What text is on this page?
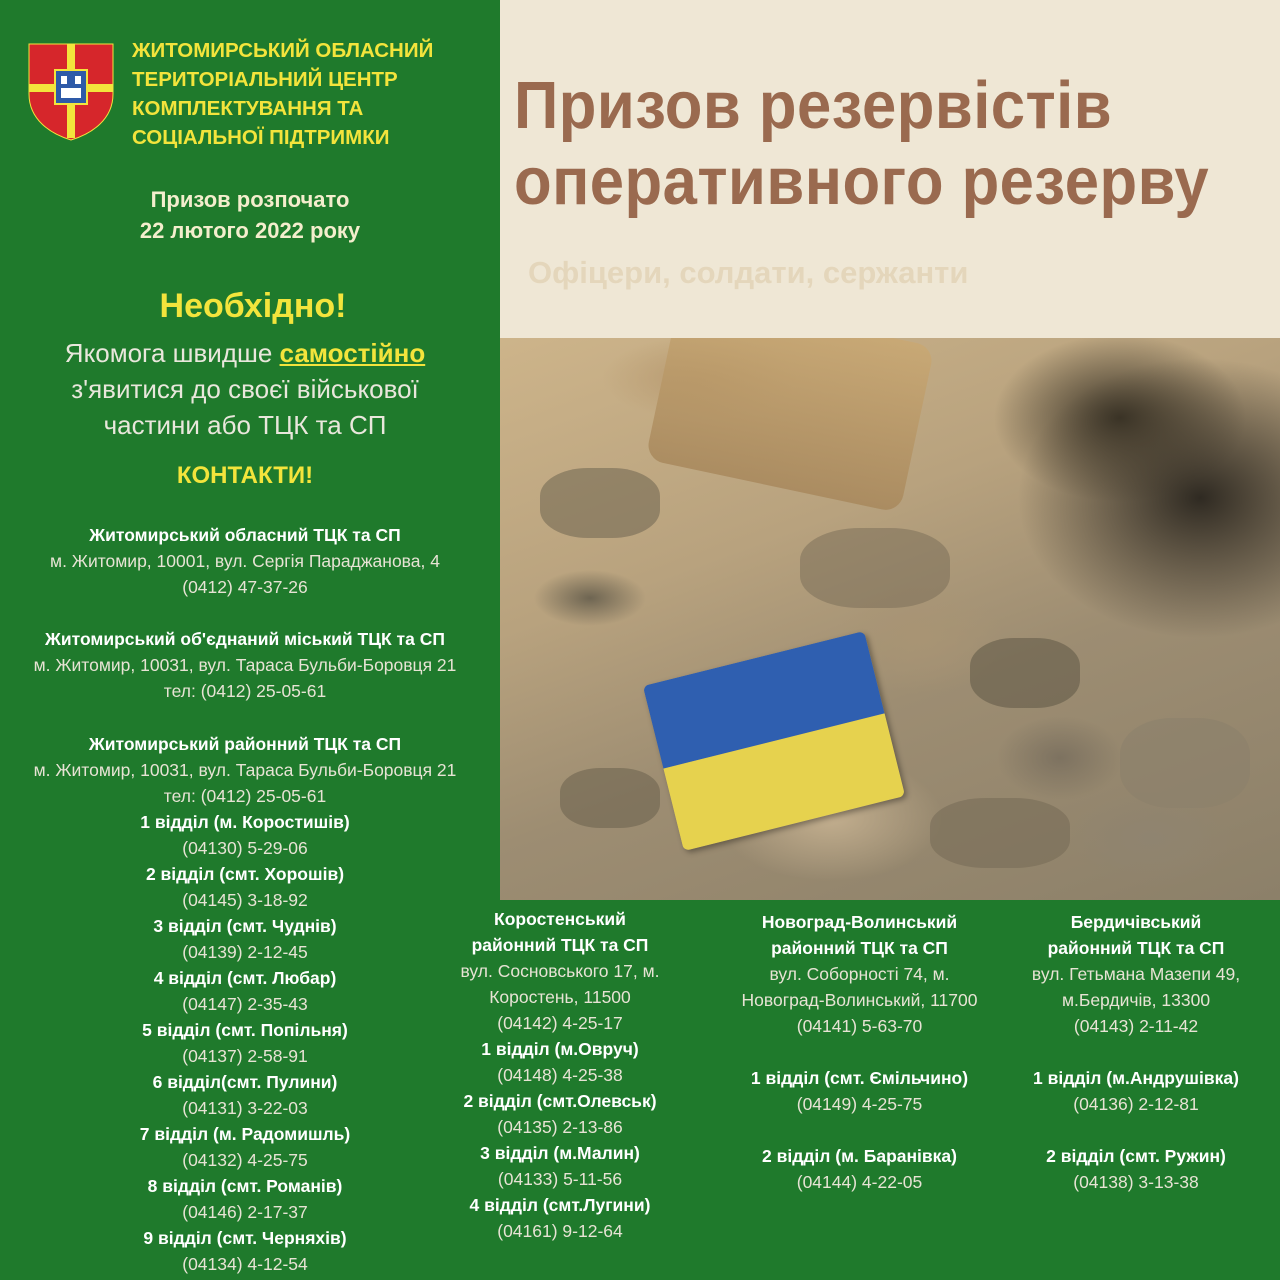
Призов резервістів
оперативного резерву
Офіцери, солдати, сержанти
ЖИТОМИРСЬКИЙ ОБЛАСНИЙ
ТЕРИТОРІАЛЬНИЙ ЦЕНТР
КОМПЛЕКТУВАННЯ ТА
СОЦІАЛЬНОЇ ПІДТРИМКИ
Призов розпочато
22 лютого 2022 року
Необхідно!
Якомога швидше самостійно
з'явитися до своєї військової
частини або ТЦК та СП
КОНТАКТИ!
Житомирський обласний ТЦК та СП
м. Житомир, 10001, вул. Сергія Параджанова, 4
(0412) 47-37-26
Житомирський об'єднаний міський ТЦК та СП
м. Житомир, 10031, вул. Тараса Бульби-Боровця 21
тел: (0412) 25-05-61
Житомирський районний ТЦК та СП
м. Житомир, 10031, вул. Тараса Бульби-Боровця 21
тел: (0412) 25-05-61
1 відділ (м. Коростишів)
(04130) 5-29-06
2 відділ (смт. Хорошів)
(04145) 3-18-92
3 відділ (смт. Чуднів)
(04139) 2-12-45
4 відділ (смт. Любар)
(04147) 2-35-43
5 відділ (смт. Попільня)
(04137) 2-58-91
6 відділ(смт. Пулини)
(04131) 3-22-03
7 відділ (м. Радомишль)
(04132) 4-25-75
8 відділ (смт. Романів)
(04146) 2-17-37
9 відділ (смт. Черняхів)
(04134) 4-12-54
Коростенський
районний ТЦК та СП
вул. Сосновського 17, м.
Коростень, 11500
(04142) 4-25-17
1 відділ (м.Овруч)
(04148) 4-25-38
2 відділ (смт.Олевськ)
(04135) 2-13-86
3 відділ (м.Малин)
(04133) 5-11-56
4 відділ (смт.Лугини)
(04161) 9-12-64
Новоград-Волинський
районний ТЦК та СП
вул. Соборності 74, м.
Новоград-Волинський, 11700
(04141) 5-63-70
1 відділ (смт. Ємільчино)
(04149) 4-25-75
2 відділ (м. Баранівка)
(04144) 4-22-05
Бердичівський
районний ТЦК та СП
вул. Гетьмана Мазепи 49,
м.Бердичів, 13300
(04143) 2-11-42
1 відділ (м.Андрушівка)
(04136) 2-12-81
2 відділ (смт. Ружин)
(04138) 3-13-38
